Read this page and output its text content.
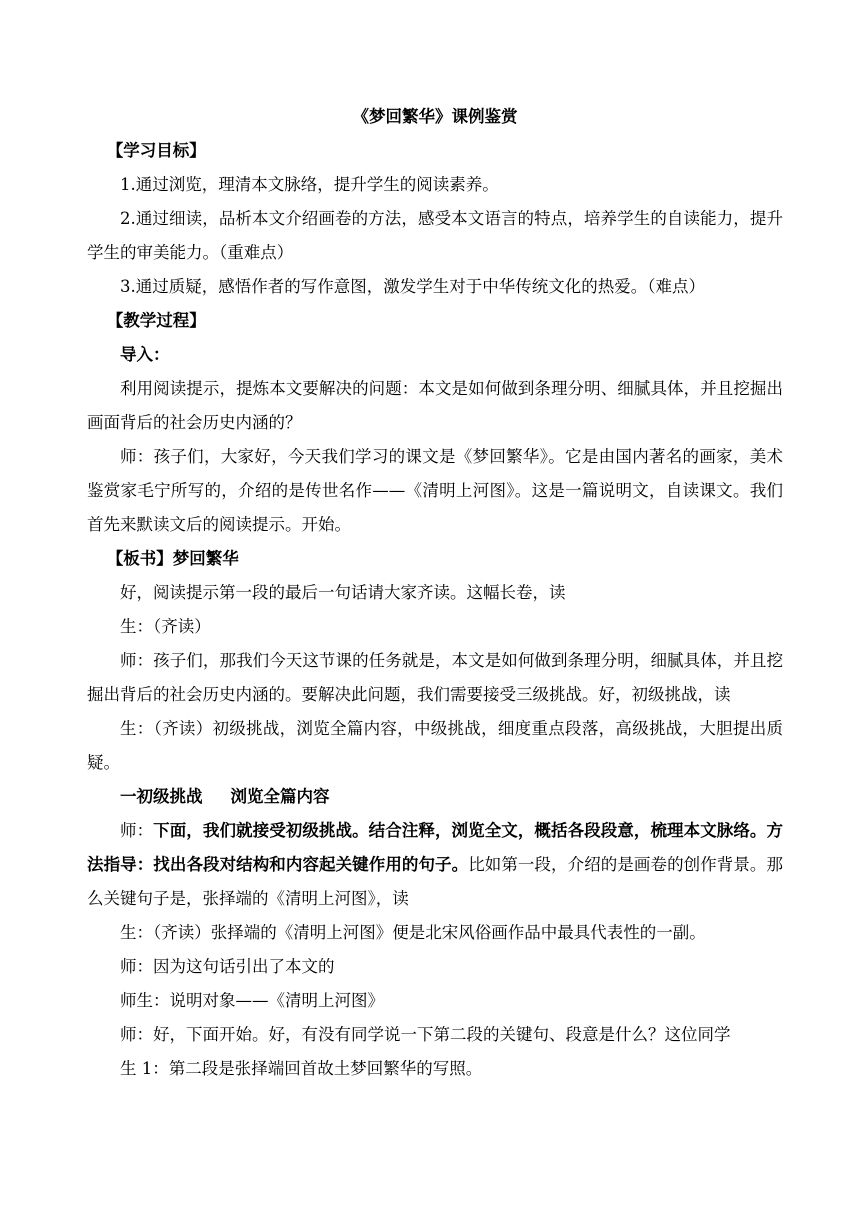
《梦回繁华》课例鉴赏
【学习目标】
1.通过浏览，理清本文脉络，提升学生的阅读素养。
2.通过细读，品析本文介绍画卷的方法，感受本文语言的特点，培养学生的自读能力，提升学生的审美能力。（重难点）
3.通过质疑，感悟作者的写作意图，激发学生对于中华传统文化的热爱。（难点）
【教学过程】
导入：
利用阅读提示，提炼本文要解决的问题：本文是如何做到条理分明、细腻具体，并且挖掘出画面背后的社会历史内涵的？
师：孩子们，大家好，今天我们学习的课文是《梦回繁华》。它是由国内著名的画家，美术鉴赏家毛宁所写的，介绍的是传世名作——《清明上河图》。这是一篇说明文，自读课文。我们首先来默读文后的阅读提示。开始。
【板书】梦回繁华
好，阅读提示第一段的最后一句话请大家齐读。这幅长卷，读
生：（齐读）
师：孩子们，那我们今天这节课的任务就是，本文是如何做到条理分明，细腻具体，并且挖掘出背后的社会历史内涵的。要解决此问题，我们需要接受三级挑战。好，初级挑战，读
生：（齐读）初级挑战，浏览全篇内容，中级挑战，细度重点段落，高级挑战，大胆提出质疑。
一初级挑战 浏览全篇内容
师：下面，我们就接受初级挑战。结合注释，浏览全文，概括各段段意，梳理本文脉络。方法指导：找出各段对结构和内容起关键作用的句子。比如第一段，介绍的是画卷的创作背景。那么关键句子是，张择端的《清明上河图》，读
生：（齐读）张择端的《清明上河图》便是北宋风俗画作品中最具代表性的一副。
师：因为这句话引出了本文的
师生：说明对象——《清明上河图》
师：好，下面开始。好，有没有同学说一下第二段的关键句、段意是什么？这位同学
生 1：第二段是张择端回首故土梦回繁华的写照。
